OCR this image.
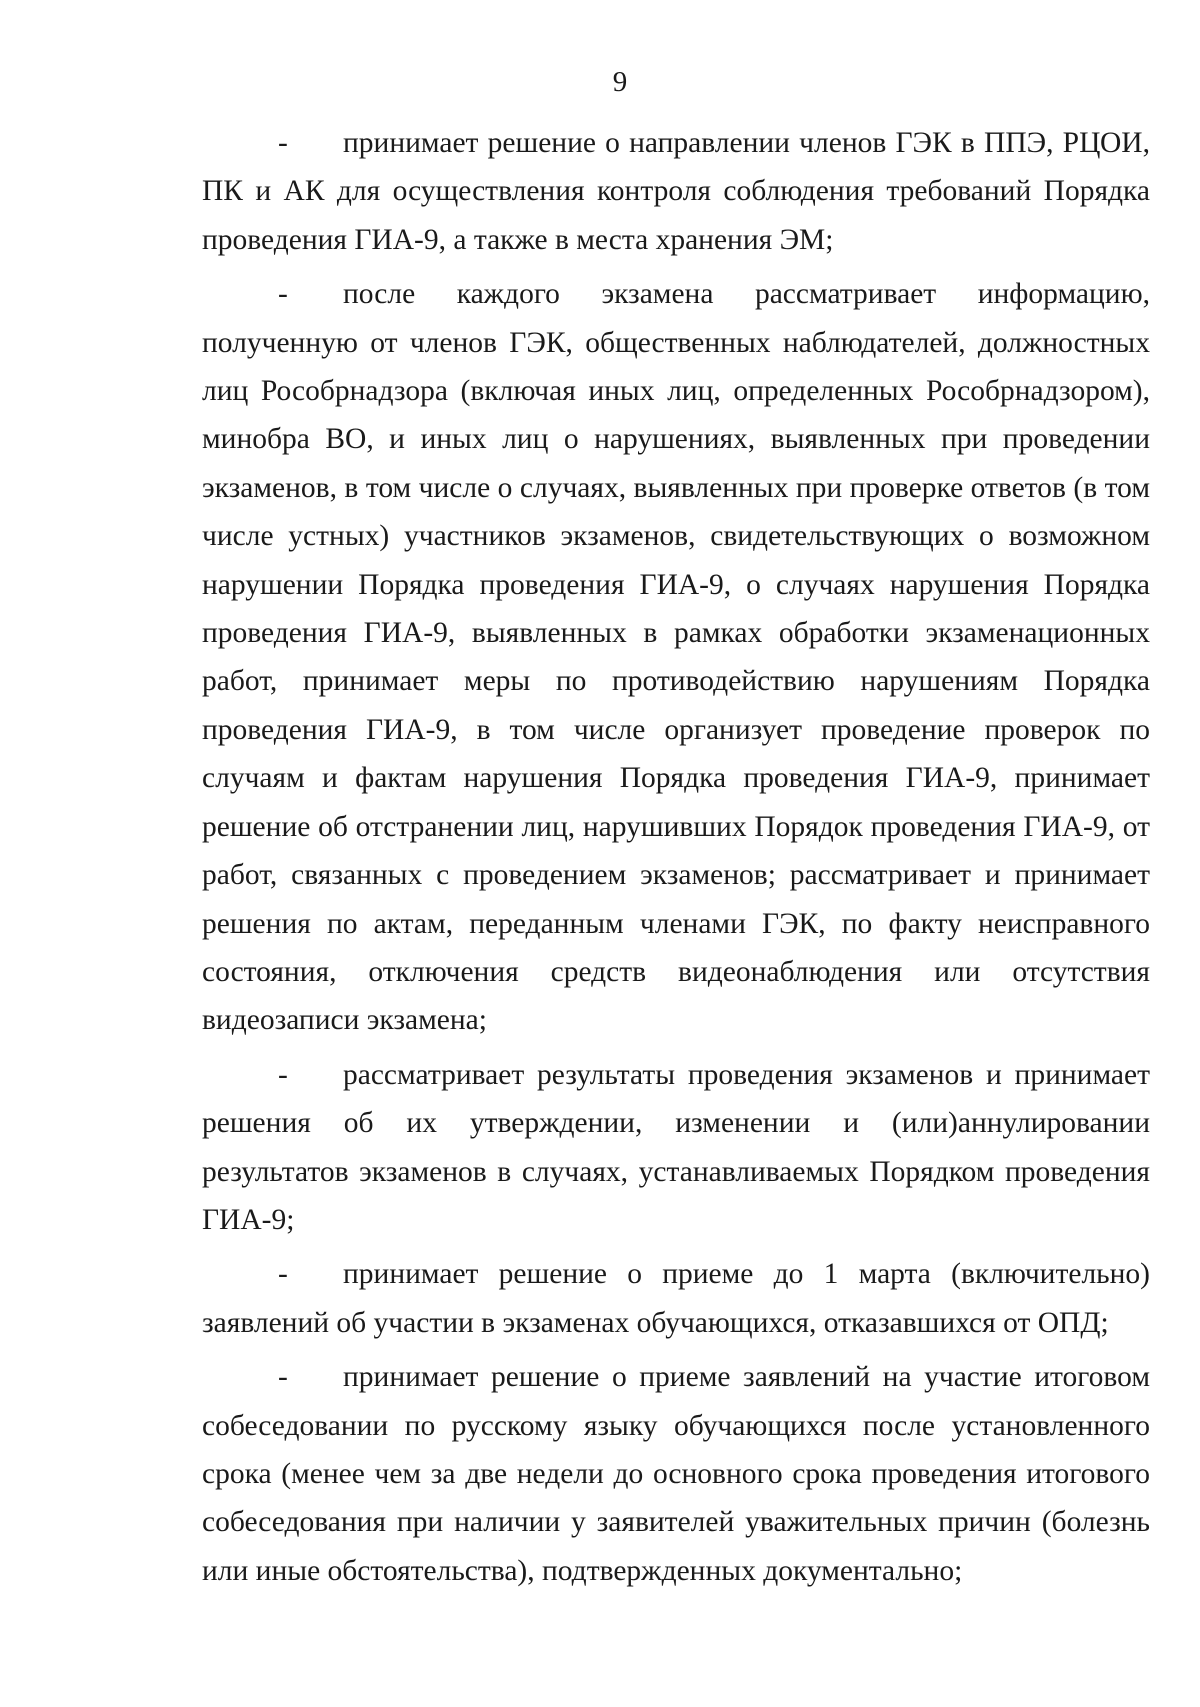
9

- принимает решение о направлении членов ГЭК в ППЭ, РЦОИ, ПК и АК для осуществления контроля соблюдения требований Порядка проведения ГИА-9, а также в места хранения ЭМ;

- после каждого экзамена рассматривает информацию, полученную от членов ГЭК, общественных наблюдателей, должностных лиц Рособрнадзора (включая иных лиц, определенных Рособрнадзором), минобра ВО, и иных лиц о нарушениях, выявленных при проведении экзаменов, в том числе о случаях, выявленных при проверке ответов (в том числе устных) участников экзаменов, свидетельствующих о возможном нарушении Порядка проведения ГИА-9, о случаях нарушения Порядка проведения ГИА-9, выявленных в рамках обработки экзаменационных работ, принимает меры по противодействию нарушениям Порядка проведения ГИА-9, в том числе организует проведение проверок по случаям и фактам нарушения Порядка проведения ГИА-9, принимает решение об отстранении лиц, нарушивших Порядок проведения ГИА-9, от работ, связанных с проведением экзаменов; рассматривает и принимает решения по актам, переданным членами ГЭК, по факту неисправного состояния, отключения средств видеонаблюдения или отсутствия видеозаписи экзамена;

- рассматривает результаты проведения экзаменов и принимает решения об их утверждении, изменении и (или)аннулировании результатов экзаменов в случаях, устанавливаемых Порядком проведения ГИА-9;

- принимает решение о приеме до 1 марта (включительно) заявлений об участии в экзаменах обучающихся, отказавшихся от ОПД;

- принимает решение о приеме заявлений на участие итоговом собеседовании по русскому языку обучающихся после установленного срока (менее чем за две недели до основного срока проведения итогового собеседования при наличии у заявителей уважительных причин (болезнь или иные обстоятельства), подтвержденных документально;
